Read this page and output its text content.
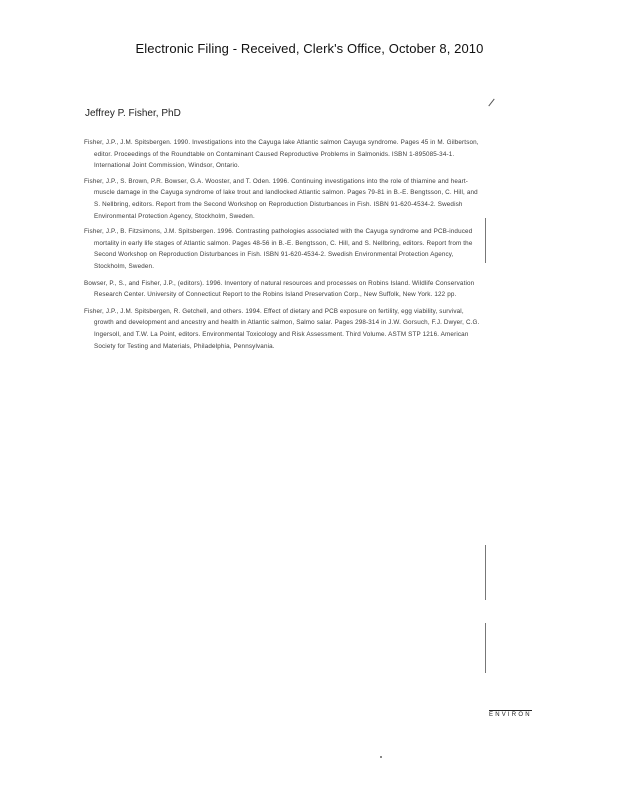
Electronic Filing - Received, Clerk's Office, October 8, 2010
Jeffrey P. Fisher, PhD
Fisher, J.P., J.M. Spitsbergen. 1990. Investigations into the Cayuga lake Atlantic salmon Cayuga syndrome. Pages 45 in M. Gilbertson, editor. Proceedings of the Roundtable on Contaminant Caused Reproductive Problems in Salmonids. ISBN 1-895085-34-1. International Joint Commission, Windsor, Ontario.
Fisher, J.P., S. Brown, P.R. Bowser, G.A. Wooster, and T. Oden. 1996. Continuing investigations into the role of thiamine and heart-muscle damage in the Cayuga syndrome of lake trout and landlocked Atlantic salmon. Pages 79-81 in B.-E. Bengtsson, C. Hill, and S. Nellbring, editors. Report from the Second Workshop on Reproduction Disturbances in Fish. ISBN 91-620-4534-2. Swedish Environmental Protection Agency, Stockholm, Sweden.
Fisher, J.P., B. Fitzsimons, J.M. Spitsbergen. 1996. Contrasting pathologies associated with the Cayuga syndrome and PCB-induced mortality in early life stages of Atlantic salmon. Pages 48-56 in B.-E. Bengtsson, C. Hill, and S. Nellbring, editors. Report from the Second Workshop on Reproduction Disturbances in Fish. ISBN 91-620-4534-2. Swedish Environmental Protection Agency, Stockholm, Sweden.
Bowser, P., S., and Fisher, J.P., (editors). 1996. Inventory of natural resources and processes on Robins Island. Wildlife Conservation Research Center. University of Connecticut Report to the Robins Island Preservation Corp., New Suffolk, New York. 122 pp.
Fisher, J.P., J.M. Spitsbergen, R. Getchell, and others. 1994. Effect of dietary and PCB exposure on fertility, egg viability, survival, growth and development and ancestry and health in Atlantic salmon, Salmo salar. Pages 298-314 in J.W. Gorsuch, F.J. Dwyer, C.G. Ingersoll, and T.W. La Point, editors. Environmental Toxicology and Risk Assessment. Third Volume. ASTM STP 1216. American Society for Testing and Materials, Philadelphia, Pennsylvania.
ENVIRON
